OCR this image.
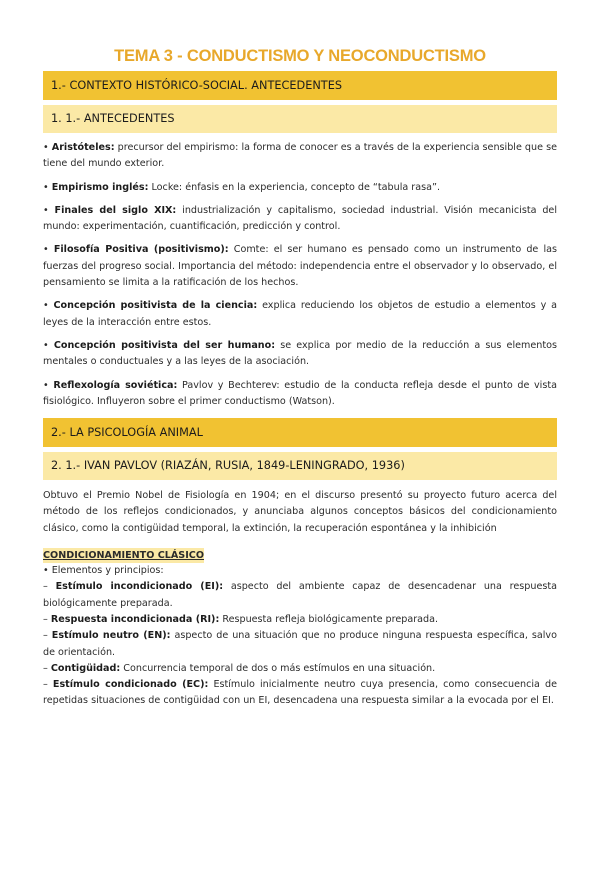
TEMA 3 - CONDUCTISMO Y NEOCONDUCTISMO
1.- CONTEXTO HISTÓRICO-SOCIAL. ANTECEDENTES
1. 1.- ANTECEDENTES
• Aristóteles: precursor del empirismo: la forma de conocer es a través de la experiencia sensible que se tiene del mundo exterior.
• Empirismo inglés: Locke: énfasis en la experiencia, concepto de “tabula rasa”.
• Finales del siglo XIX: industrialización y capitalismo, sociedad industrial. Visión mecanicista del mundo: experimentación, cuantificación, predicción y control.
• Filosofía Positiva (positivismo): Comte: el ser humano es pensado como un instrumento de las fuerzas del progreso social. Importancia del método: independencia entre el observador y lo observado, el pensamiento se limita a la ratificación de los hechos.
• Concepción positivista de la ciencia: explica reduciendo los objetos de estudio a elementos y a leyes de la interacción entre estos.
• Concepción positivista del ser humano: se explica por medio de la reducción a sus elementos mentales o conductuales y a las leyes de la asociación.
• Reflexología soviética: Pavlov y Bechterev: estudio de la conducta refleja desde el punto de vista fisiológico. Influyeron sobre el primer conductismo (Watson).
2.- LA PSICOLOGÍA ANIMAL
2. 1.- IVAN PAVLOV (RIAZÁN, RUSIA, 1849-LENINGRADO, 1936)
Obtuvo el Premio Nobel de Fisiología en 1904; en el discurso presentó su proyecto futuro acerca del método de los reflejos condicionados, y anunciaba algunos conceptos básicos del condicionamiento clásico, como la contigüidad temporal, la extinción, la recuperación espontánea y la inhibición
CONDICIONAMIENTO CLÁSICO
• Elementos y principios:
– Estímulo incondicionado (EI): aspecto del ambiente capaz de desencadenar una respuesta biológicamente preparada.
– Respuesta incondicionada (RI): Respuesta refleja biológicamente preparada.
– Estímulo neutro (EN): aspecto de una situación que no produce ninguna respuesta específica, salvo de orientación.
– Contigüidad: Concurrencia temporal de dos o más estímulos en una situación.
– Estímulo condicionado (EC): Estímulo inicialmente neutro cuya presencia, como consecuencia de repetidas situaciones de contigüidad con un EI, desencadena una respuesta similar a la evocada por el EI.
